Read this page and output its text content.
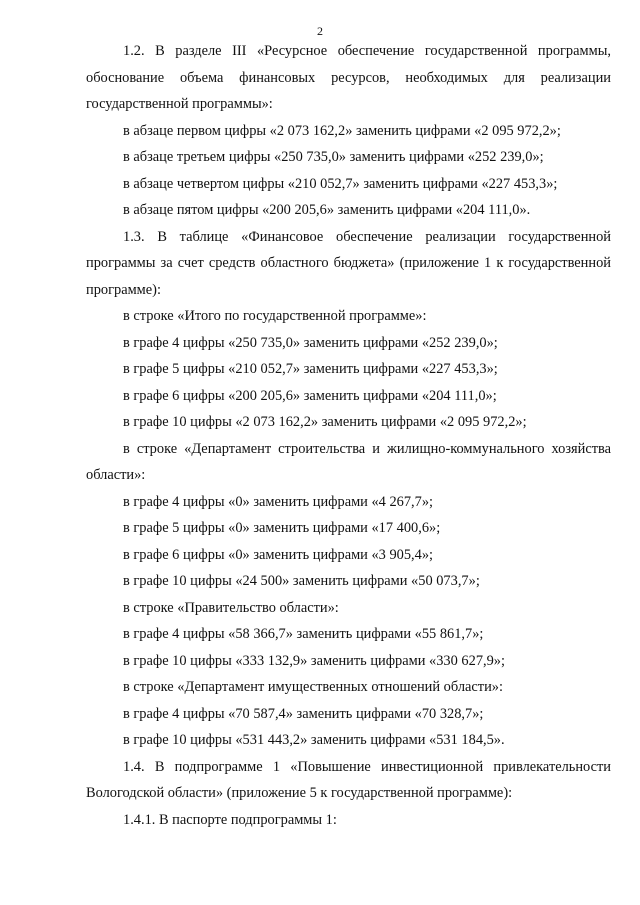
2

1.2. В разделе III «Ресурсное обеспечение государственной программы, обоснование объема финансовых ресурсов, необходимых для реализации государственной программы»:

в абзаце первом цифры «2 073 162,2» заменить цифрами «2 095 972,2»;

в абзаце третьем цифры «250 735,0» заменить цифрами «252 239,0»;

в абзаце четвертом цифры «210 052,7» заменить цифрами «227 453,3»;

в абзаце пятом цифры «200 205,6» заменить цифрами «204 111,0».

1.3. В таблице «Финансовое обеспечение реализации государственной программы за счет средств областного бюджета» (приложение 1 к государственной программе):

в строке «Итого по государственной программе»:

в графе 4 цифры «250 735,0» заменить цифрами «252 239,0»;

в графе 5 цифры «210 052,7» заменить цифрами «227 453,3»;

в графе 6 цифры «200 205,6» заменить цифрами «204 111,0»;

в графе 10 цифры «2 073 162,2» заменить цифрами «2 095 972,2»;

в строке «Департамент строительства и жилищно-коммунального хозяйства области»:

в графе 4 цифры «0» заменить цифрами «4 267,7»;

в графе 5 цифры «0» заменить цифрами «17 400,6»;

в графе 6 цифры «0» заменить цифрами «3 905,4»;

в графе 10 цифры «24 500» заменить цифрами «50 073,7»;

в строке «Правительство области»:

в графе 4 цифры «58 366,7» заменить цифрами «55 861,7»;

в графе 10 цифры «333 132,9» заменить цифрами «330 627,9»;

в строке «Департамент имущественных отношений области»:

в графе 4 цифры «70 587,4» заменить цифрами «70 328,7»;

в графе 10 цифры «531 443,2» заменить цифрами «531 184,5».

1.4. В подпрограмме 1 «Повышение инвестиционной привлекательности Вологодской области» (приложение 5 к государственной программе):

1.4.1. В паспорте подпрограммы 1:
